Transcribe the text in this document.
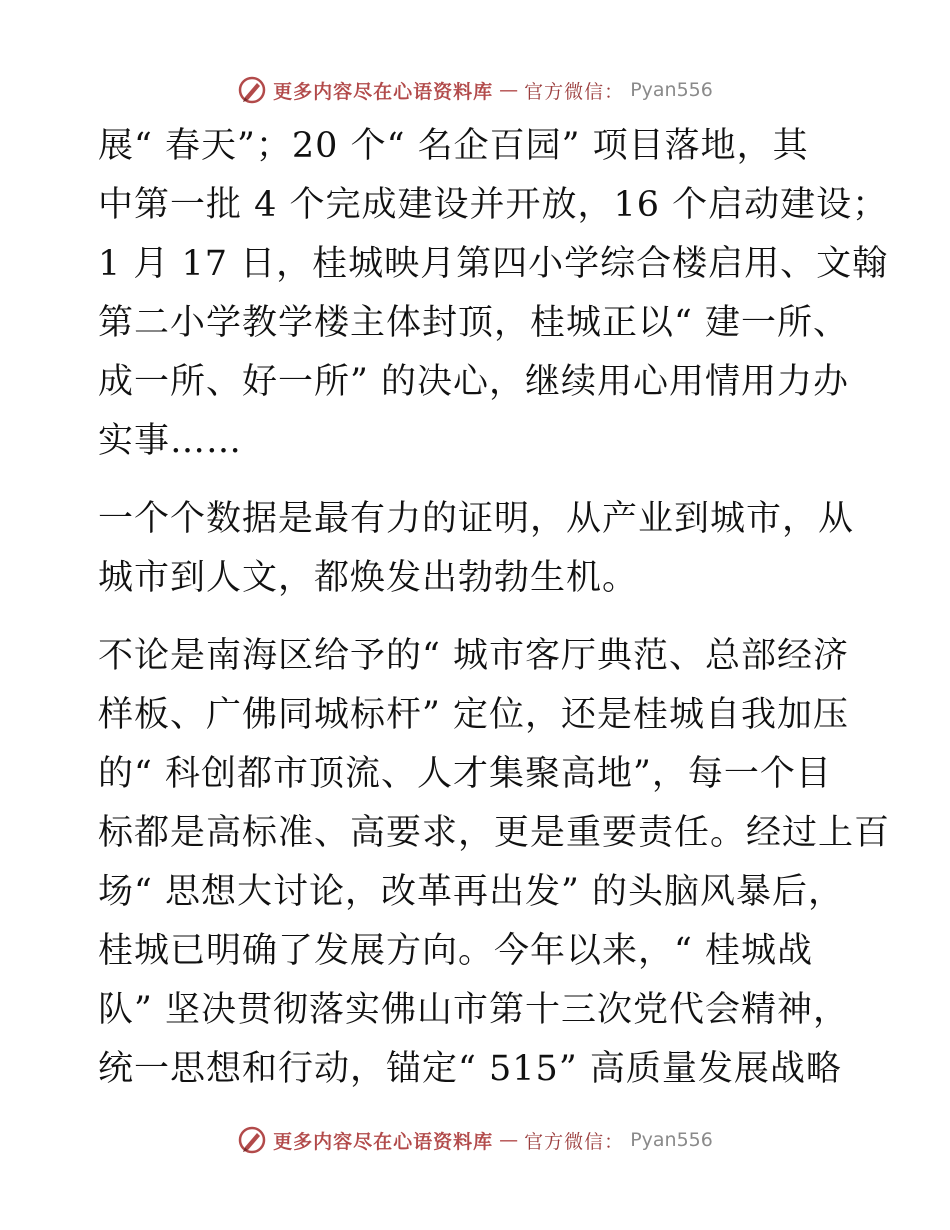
更多内容尽在心语资料库 — 官方微信： Pyan556

展“ 春天”；20 个“ 名企百园” 项目落地，其
中第一批 4 个完成建设并开放，16 个启动建设；
1 月 17 日，桂城映月第四小学综合楼启用、文翰
第二小学教学楼主体封顶，桂城正以“ 建一所、
成一所、好一所” 的决心，继续用心用情用力办
实事……

一个个数据是最有力的证明，从产业到城市，从
城市到人文，都焕发出勃勃生机。

不论是南海区给予的“ 城市客厅典范、总部经济
样板、广佛同城标杆” 定位，还是桂城自我加压
的“ 科创都市顶流、人才集聚高地”，每一个目
标都是高标准、高要求，更是重要责任。经过上百
场“ 思想大讨论，改革再出发” 的头脑风暴后，
桂城已明确了发展方向。今年以来，“ 桂城战
队” 坚决贯彻落实佛山市第十三次党代会精神，
统一思想和行动，锚定“ 515” 高质量发展战略

更多内容尽在心语资料库 — 官方微信： Pyan556
